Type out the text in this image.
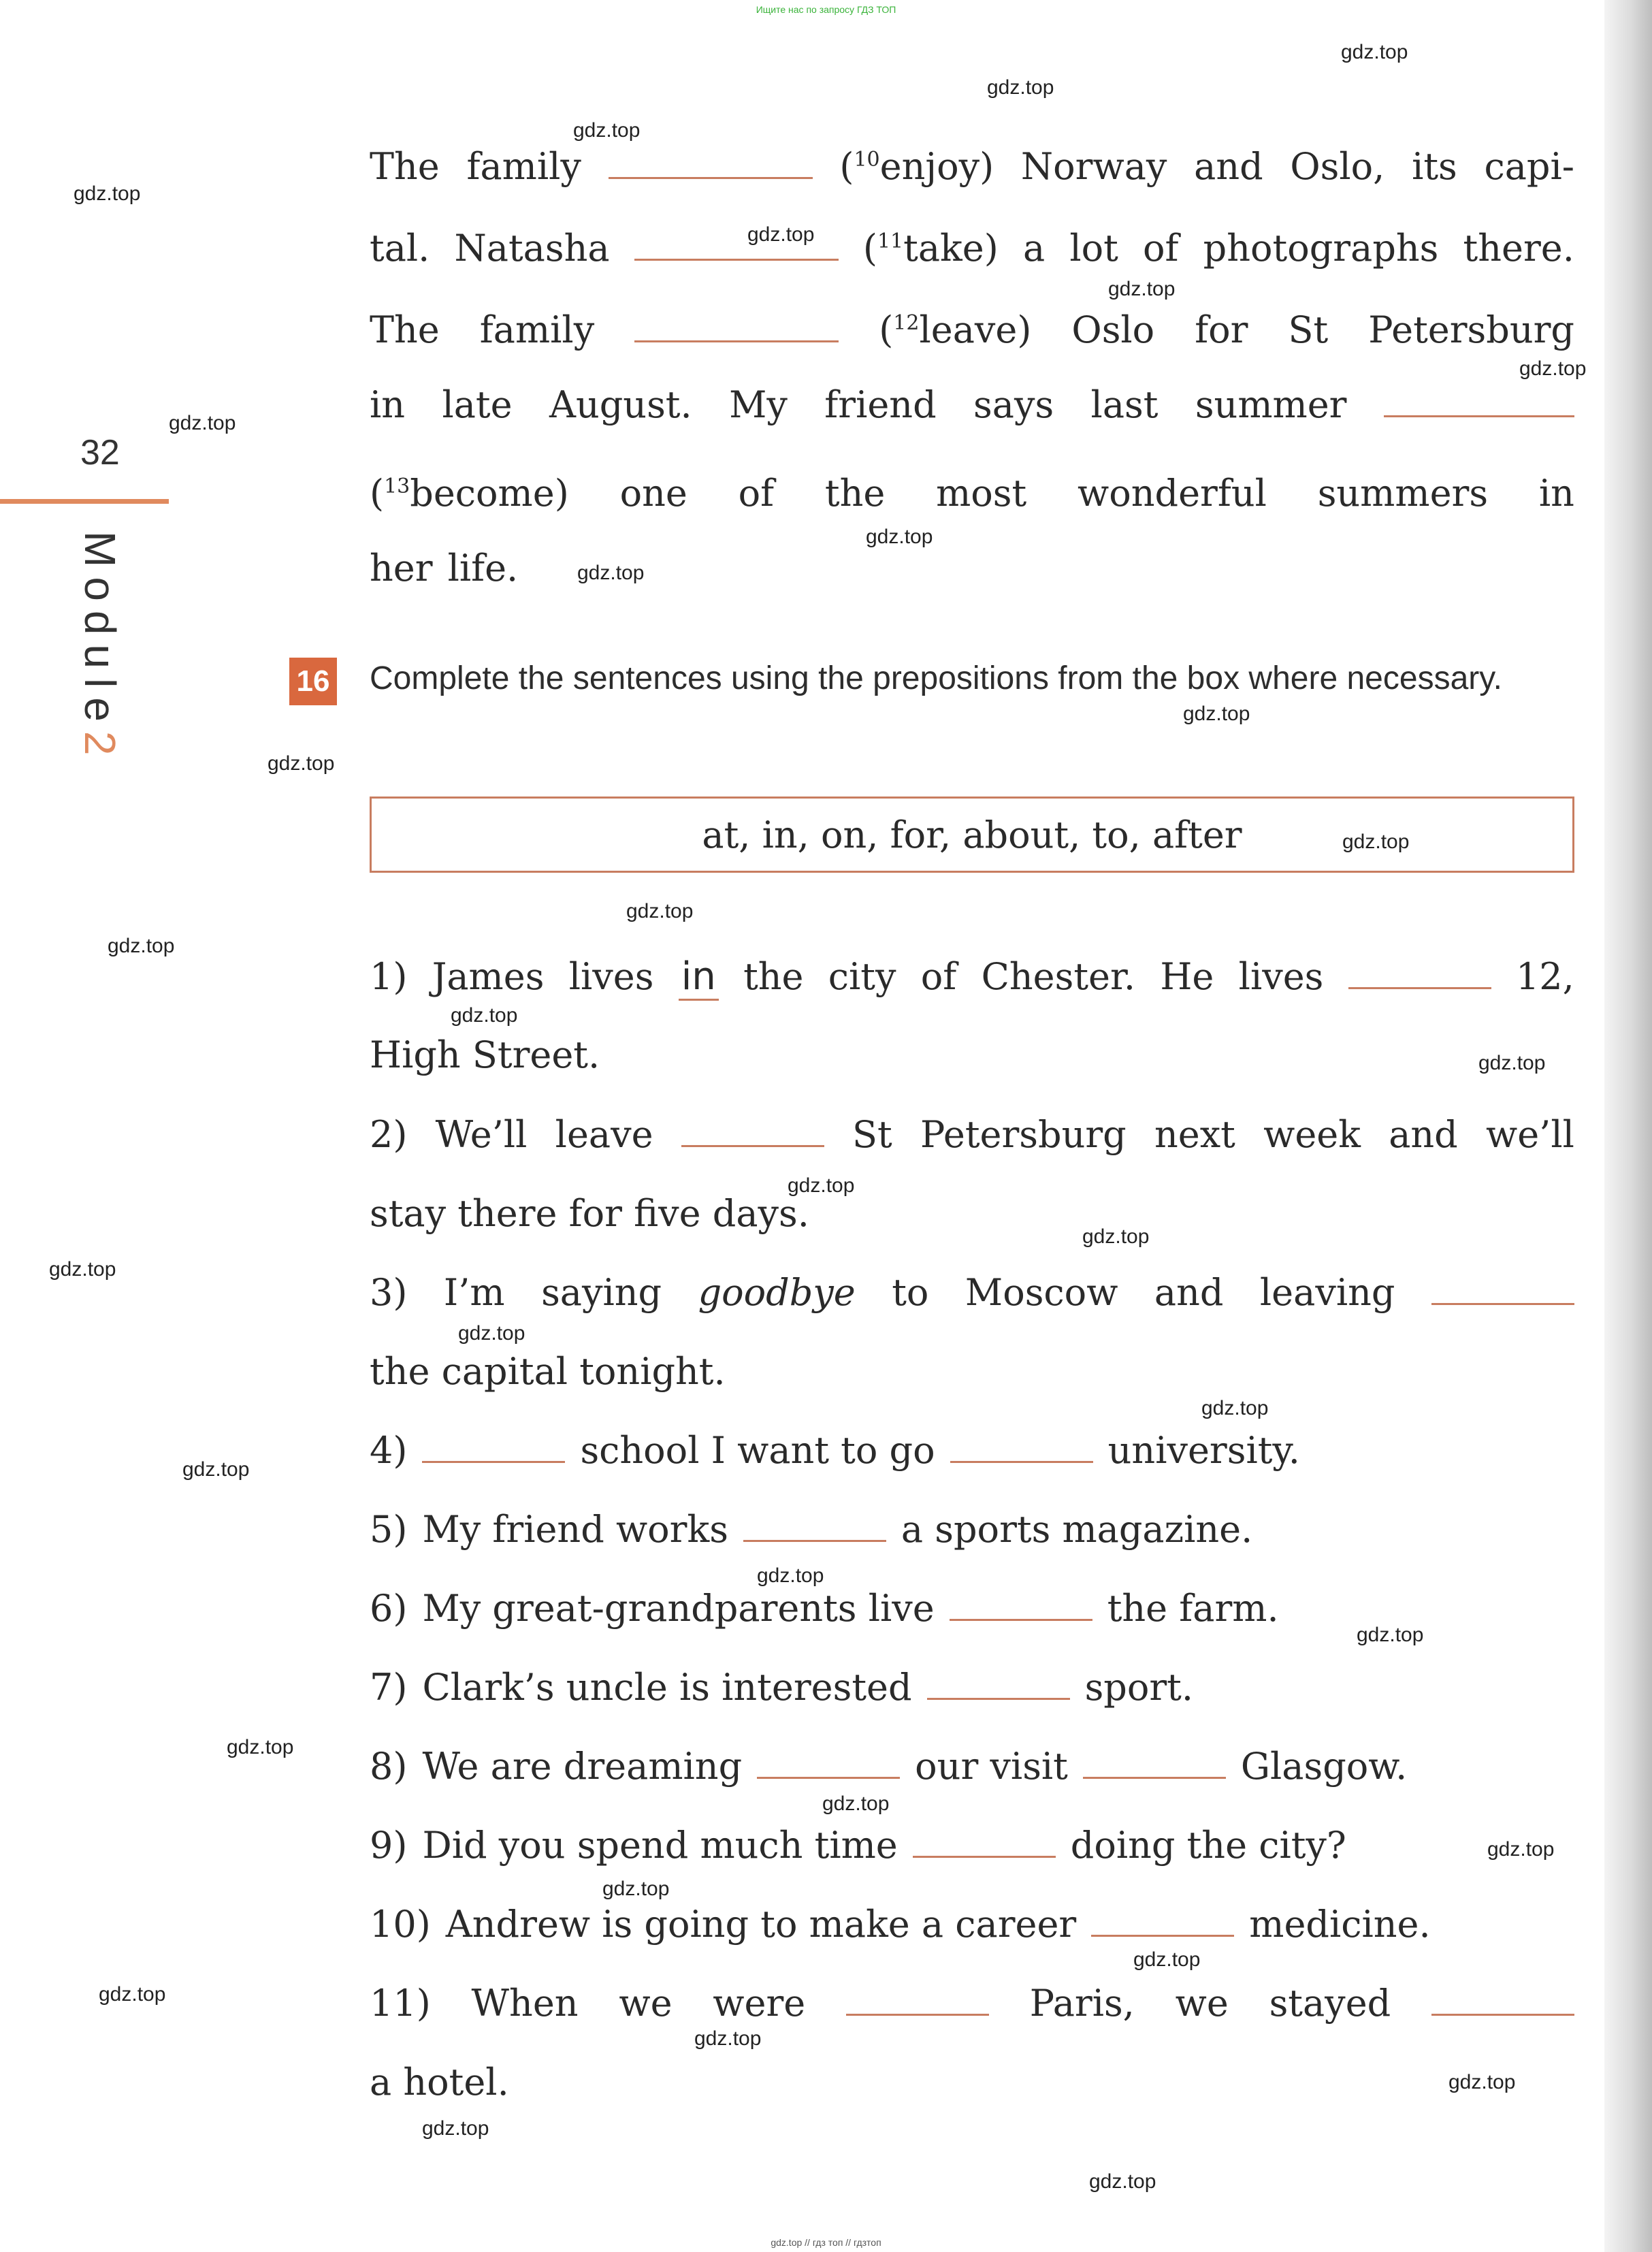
Ищите нас по запросу ГДЗ ТОП
32
Module2
The family	($^{10}$enjoy) Norway and Oslo, its capi-
tal. Natasha	($^{11}$take) a lot of photographs there.
The family	($^{12}$leave) Oslo for St Petersburg
in late August. My friend says last summer
($^{13}$become) one of the most wonderful summers in
her life.
16 Complete the sentences using the prepositions from the box where necessary.
at, in, on, for, about, to, after
1) James lives in the city of Chester. He lives	12,
High Street.
2) We’ll leave	St Petersburg next week and we’ll
stay there for five days.
3) I’m saying goodbye to Moscow and leaving
the capital tonight.
4)	school I want to go	university.
5) My friend works	a sports magazine.
6) My great-grandparents live	the farm.
7) Clark’s uncle is interested	sport.
8) We are dreaming	our visit	Glasgow.
9) Did you spend much time	doing the city?
10) Andrew is going to make a career	medicine.
11) When we were	Paris, we stayed
a hotel.
gdz.top
gdz.top
gdz.top
gdz.top
gdz.top
gdz.top
gdz.top
gdz.top
gdz.top
gdz.top
gdz.top
gdz.top
gdz.top
gdz.top
gdz.top
gdz.top
gdz.top
gdz.top
gdz.top
gdz.top
gdz.top
gdz.top
gdz.top
gdz.top
gdz.top
gdz.top
gdz.top
gdz.top
gdz.top
gdz.top
gdz.top
gdz.top
gdz.top
gdz.top
gdz.top
gdz.top // гдз топ // гдзтоп
